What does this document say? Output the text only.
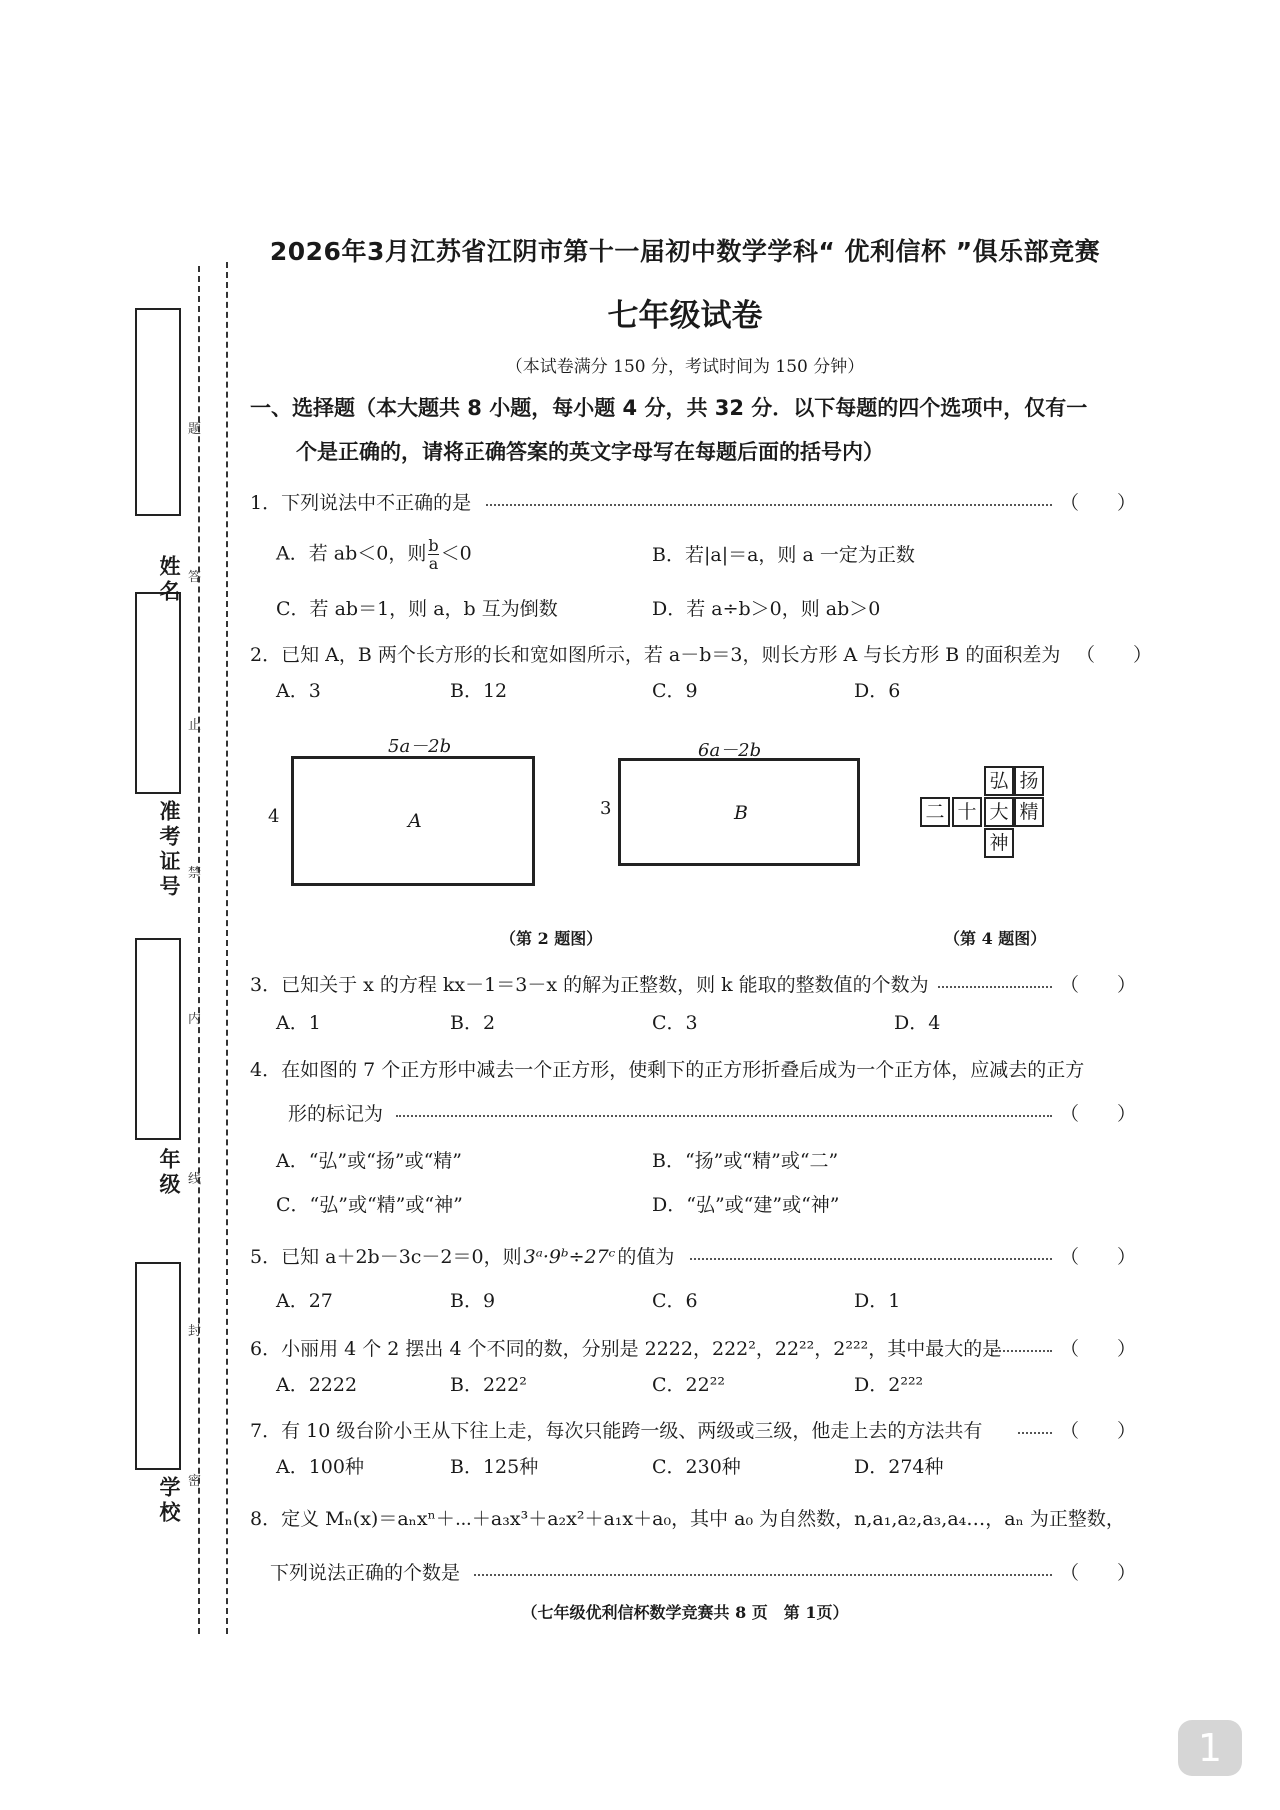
姓名
准考证号
年级
学校
题
答
止
禁
内
线
封
密
2026年3月江苏省江阴市第十一届初中数学学科“ 优利信杯 ”俱乐部竞赛
七年级试卷
（本试卷满分 150 分，考试时间为 150 分钟）
一、选择题（本大题共 8 小题，每小题 4 分，共 32 分．以下每题的四个选项中，仅有一
个是正确的，请将正确答案的英文字母写在每题后面的括号内）
1．下列说法中不正确的是	（　　）
A．若 ab＜0，则 $\frac{b}{a} <0$	B．若|a|＝a，则 a 一定为正数
C．若 ab＝1，则 a，b 互为倒数	D．若 a÷b＞0，则 ab＞0
2．已知 A，B 两个长方形的长和宽如图所示，若 a－b＝3，则长方形 A 与长方形 B 的面积差为 （　　）
A．3	B．12	C．9	D．6
5a－2b
4	A
6a－2b
3	B
（第 2 题图）
弘 扬
二 十 大 精
神
（第 4 题图）
3．已知关于 x 的方程 kx－1＝3－x 的解为正整数，则 k 能取的整数值的个数为	（　　）
A．1	B．2	C．3	D．4
4．在如图的 7 个正方形中减去一个正方形，使剩下的正方形折叠后成为一个正方体，应减去的正方
形的标记为	（　　）
A．“弘”或“扬”或“精”	B．“扬”或“精”或“二”
C．“弘”或“精”或“神”	D．“弘”或“建”或“神”
5．已知 a＋2b－3c－2＝0，则 3ᵃ·9ᵇ÷27ᶜ 的值为	（　　）
A．27	B．9	C．6	D．1
6．小丽用 4 个 2 摆出 4 个不同的数，分别是 2222，222²，22²²，2²²²，其中最大的是	（　　）
A．2222	B．222²	C．22²²	D．2²²²
7．有 10 级台阶小王从下往上走，每次只能跨一级、两级或三级，他走上去的方法共有	（　　）
A．100种	B．125种	C．230种	D．274种
8．定义 Mₙ(x)＝aₙxⁿ＋⋯＋a₃x³＋a₂x²＋a₁x＋a₀，其中 a₀ 为自然数，n,a₁,a₂,a₃,a₄…，aₙ 为正整数，
下列说法正确的个数是	（　　）
（七年级优利信杯数学竞赛共 8 页　第 1页）
1
